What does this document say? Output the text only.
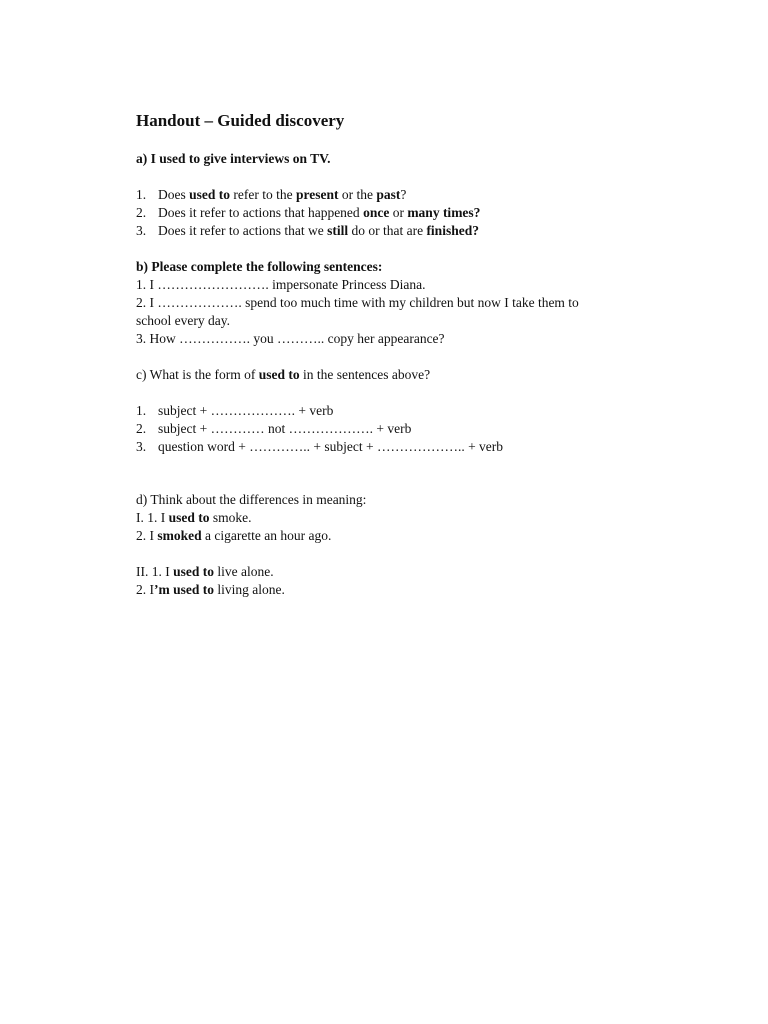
Handout – Guided discovery
a) I used to give interviews on TV.
1. Does used to refer to the present or the past?
2. Does it refer to actions that happened once or many times?
3. Does it refer to actions that we still do or that are finished?
b) Please complete the following sentences:
1. I ……………………. impersonate Princess Diana.
2. I ………………. spend too much time with my children but now I take them to
school every day.
3. How ……………. you ……….. copy her appearance?
c) What is the form of used to in the sentences above?
1. subject + ………………. + verb
2. subject + ………… not ………………. + verb
3. question word + ………….. + subject + ……………….. + verb
d) Think about the differences in meaning:
I. 1. I used to smoke.
2. I smoked a cigarette an hour ago.
II. 1. I used to live alone.
2. I’m used to living alone.
